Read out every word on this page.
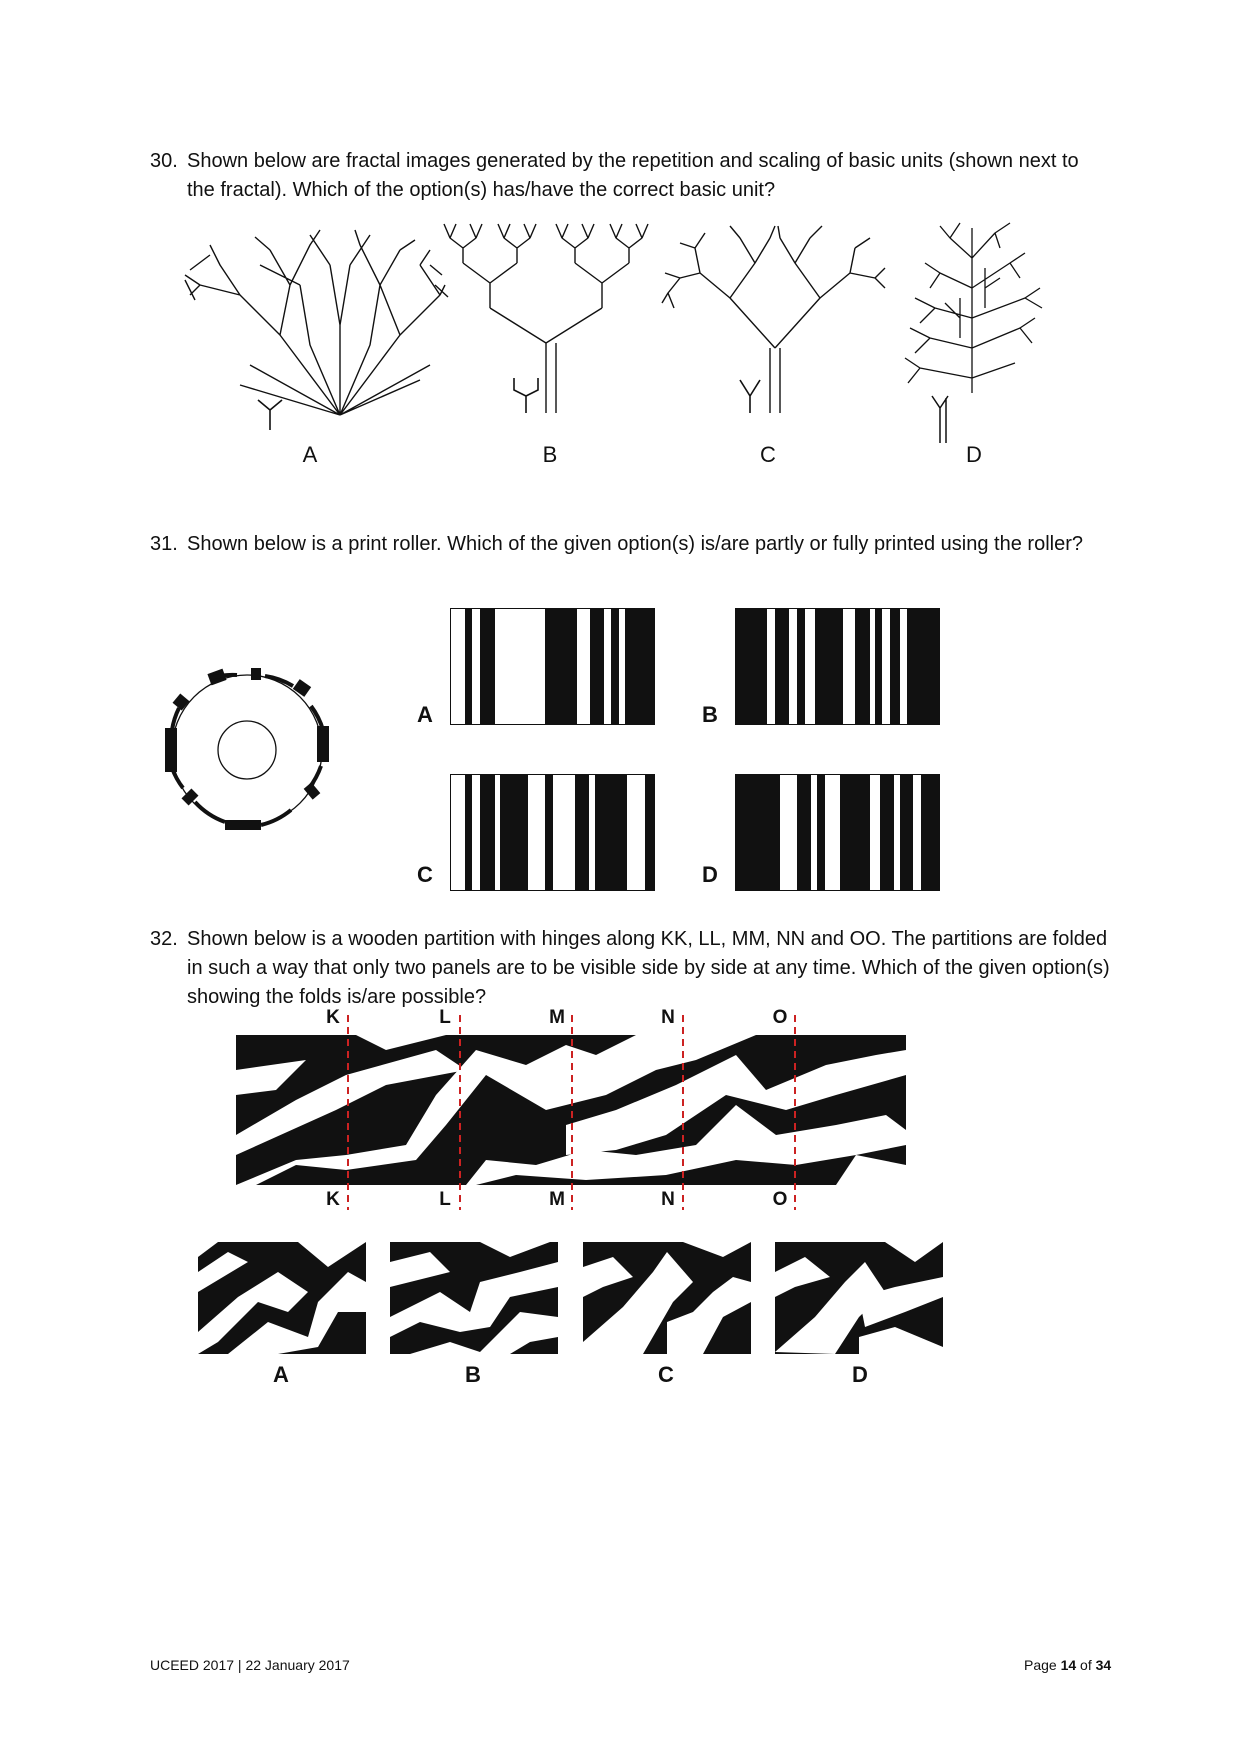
30. Shown below are fractal images generated by the repetition and scaling of basic units (shown next to the fractal). Which of the option(s) has/have the correct basic unit?
A	B	C	D
31. Shown below is a print roller. Which of the given option(s) is/are partly or fully printed using the roller?
A	B
C	D
32. Shown below is a wooden partition with hinges along KK, LL, MM, NN and OO. The partitions are folded in such a way that only two panels are to be visible side by side at any time. Which of the given option(s) showing the folds is/are possible?
K	L	M	N	O
K	L	M	N	O
A	B	C	D
UCEED 2017 | 22 January 2017	Page 14 of 34
